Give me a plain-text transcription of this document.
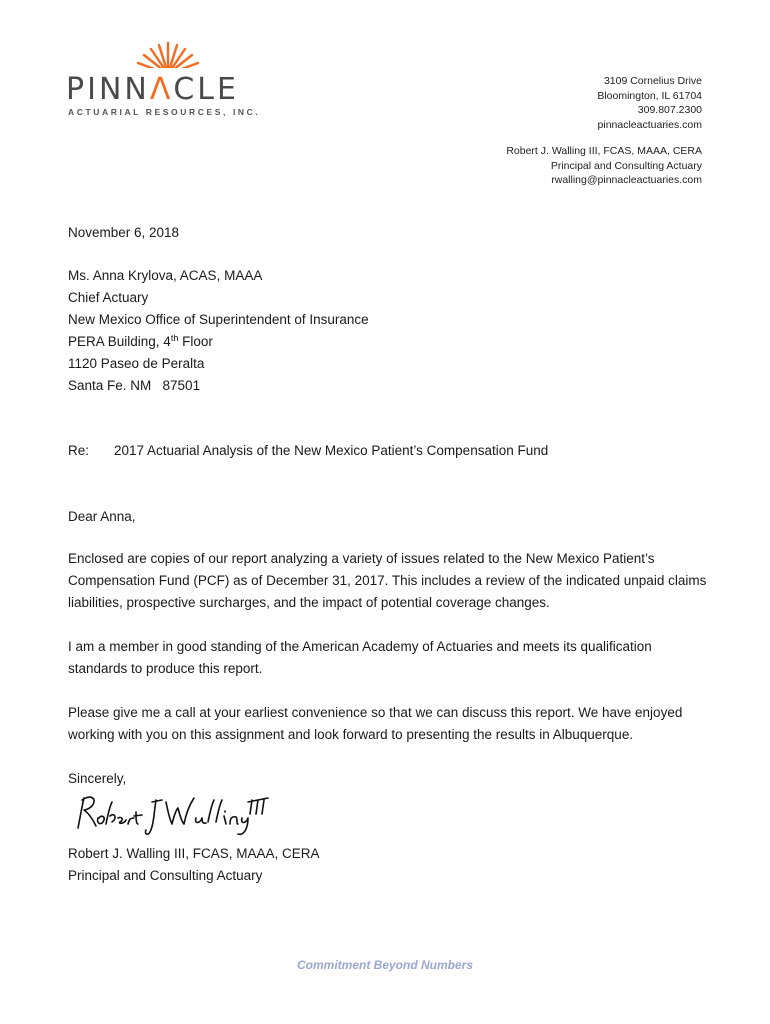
PINNΛCLE
ACTUARIAL RESOURCES, INC.
3109 Cornelius Drive
Bloomington, IL 61704
309.807.2300
pinnacleactuaries.com
Robert J. Walling III, FCAS, MAAA, CERA
Principal and Consulting Actuary
rwalling@pinnacleactuaries.com
November 6, 2018
Ms. Anna Krylova, ACAS, MAAA
Chief Actuary
New Mexico Office of Superintendent of Insurance
PERA Building, 4th Floor
1120 Paseo de Peralta
Santa Fe. NM   87501
Re: 2017 Actuarial Analysis of the New Mexico Patient’s Compensation Fund
Dear Anna,
Enclosed are copies of our report analyzing a variety of issues related to the New Mexico Patient’s Compensation Fund (PCF) as of December 31, 2017. This includes a review of the indicated unpaid claims liabilities, prospective surcharges, and the impact of potential coverage changes.
I am a member in good standing of the American Academy of Actuaries and meets its qualification standards to produce this report.
Please give me a call at your earliest convenience so that we can discuss this report. We have enjoyed working with you on this assignment and look forward to presenting the results in Albuquerque.
Sincerely,
Robert J. Walling III, FCAS, MAAA, CERA
Principal and Consulting Actuary
Commitment Beyond Numbers
